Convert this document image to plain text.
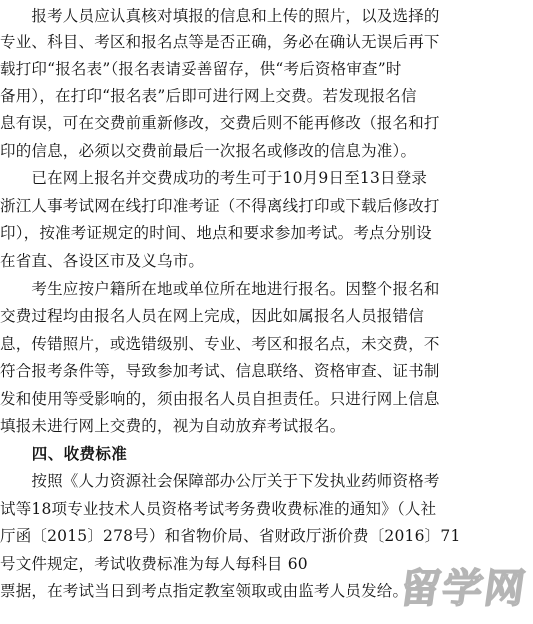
　　报考人员应认真核对填报的信息和上传的照片，以及选择的
专业、科目、考区和报名点等是否正确，务必在确认无误后再下
载打印“报名表”（报名表请妥善留存，供“考后资格审查”时
备用），在打印“报名表”后即可进行网上交费。若发现报名信
息有误，可在交费前重新修改，交费后则不能再修改（报名和打
印的信息，必须以交费前最后一次报名或修改的信息为准）。
　　已在网上报名并交费成功的考生可于10月9日至13日登录
浙江人事考试网在线打印准考证（不得离线打印或下载后修改打
印），按准考证规定的时间、地点和要求参加考试。考点分别设
在省直、各设区市及义乌市。
　　考生应按户籍所在地或单位所在地进行报名。因整个报名和
交费过程均由报名人员在网上完成，因此如属报名人员报错信
息，传错照片，或选错级别、专业、考区和报名点，未交费，不
符合报考条件等，导致参加考试、信息联络、资格审查、证书制
发和使用等受影响的，须由报名人员自担责任。只进行网上信息
填报未进行网上交费的，视为自动放弃考试报名。
　　四、收费标准
　　按照《人力资源社会保障部办公厅关于下发执业药师资格考
试等18项专业技术人员资格考试考务费收费标准的通知》（人社
厅函〔2015〕278号）和省物价局、省财政厅浙价费〔2016〕71
号文件规定，考试收费标准为每人每科目 60
票据，在考试当日到考点指定教室领取或由监考人员发给。
留学网
